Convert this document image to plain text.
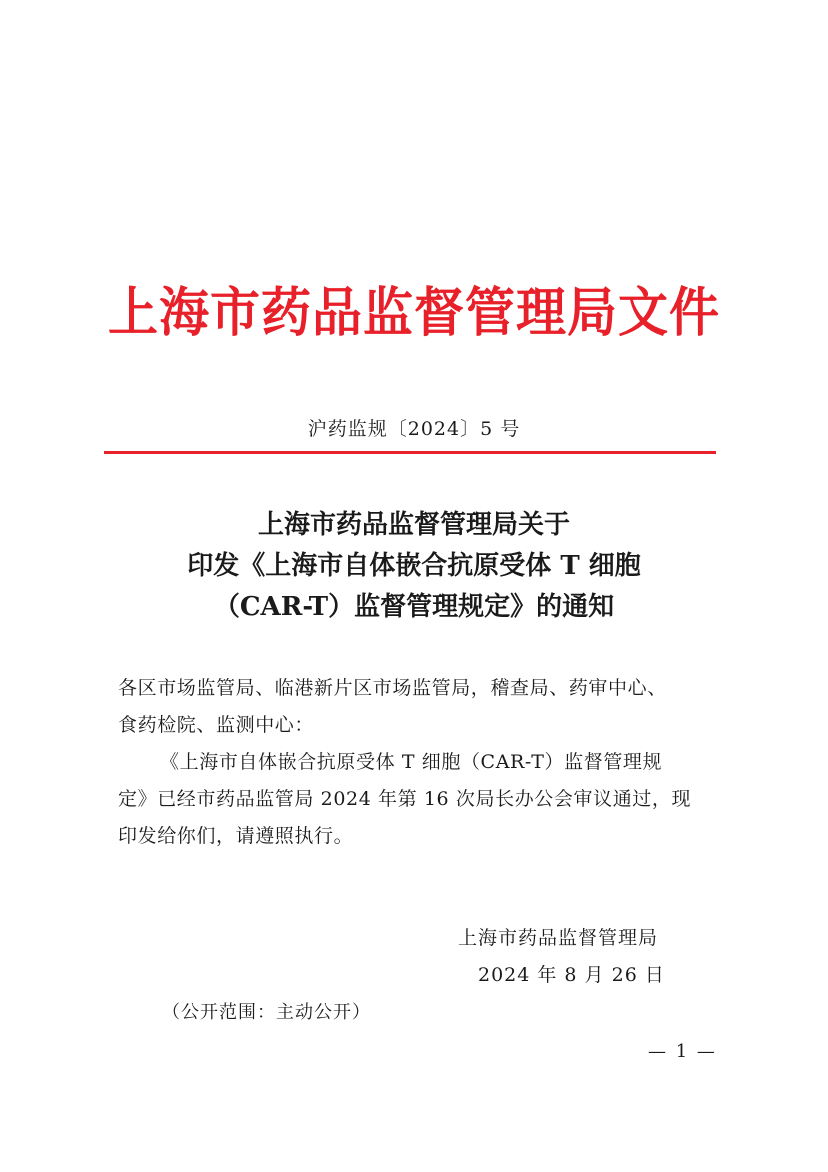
上海市药品监督管理局文件
沪药监规〔2024〕5 号
上海市药品监督管理局关于
印发《上海市自体嵌合抗原受体 T 细胞
（CAR-T）监督管理规定》的通知

各区市场监管局、临港新片区市场监管局，稽查局、药审中心、

食药检院、监测中心：

《上海市自体嵌合抗原受体 T 细胞（CAR-T）监督管理规

定》已经市药品监管局 2024 年第 16 次局长办公会审议通过，现

印发给你们，请遵照执行。

上海市药品监督管理局
2024 年 8 月 26 日
（公开范围：主动公开）
— 1 —
